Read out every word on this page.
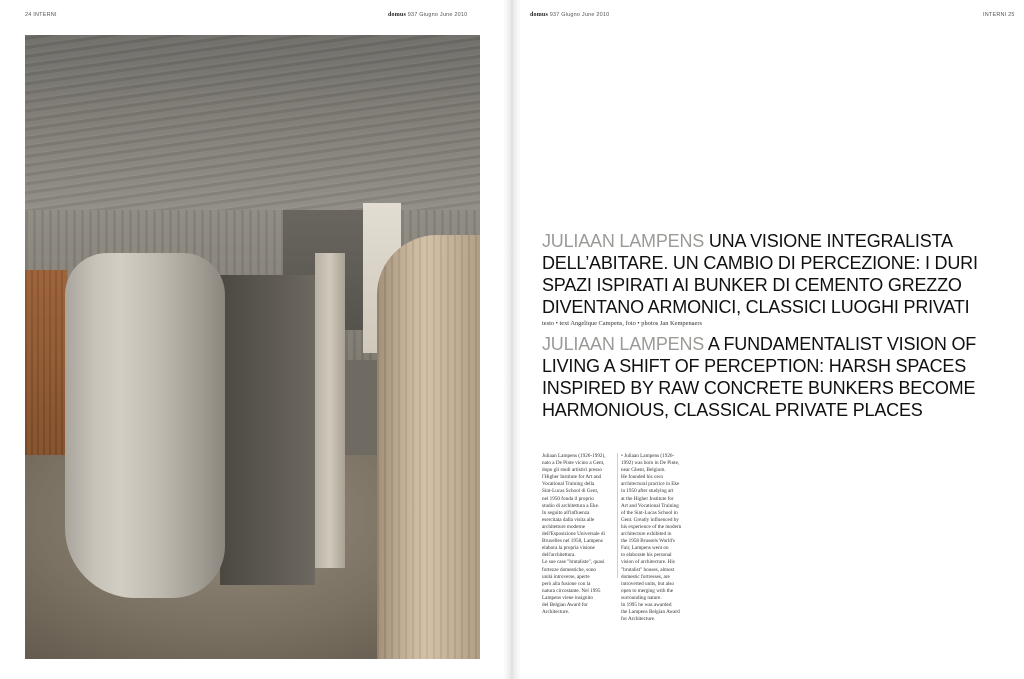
24 INTERNI	domus 937 Giugno June 2010	domus 937 Giugno June 2010	INTERNI 25
JULIAAN LAMPENS UNA VISIONE INTEGRALISTA DELL’ABITARE. UN CAMBIO DI PERCEZIONE: I DURI SPAZI ISPIRATI AI BUNKER DI CEMENTO GREZZO DIVENTANO ARMONICI, CLASSICI LUOGHI PRIVATI
testo • text Angelique Campens, foto • photos Jan Kempenaers
JULIAAN LAMPENS A FUNDAMENTALIST VISION OF LIVING A SHIFT OF PERCEPTION: HARSH SPACES INSPIRED BY RAW CONCRETE BUNKERS BECOME HARMONIOUS, CLASSICAL PRIVATE PLACES
Juliaan Lampens (1926-1992),
nato a De Pinte vicino a Gent,
dopo gli studi artistici presso
l'Higher Institute for Art and
Vocational Training della
Sint-Lucas School di Gent,
nel 1950 fonda il proprio
studio di architettura a Eke.
In seguito all'influenza
esercitata dalla visita alle
architetture moderne
dell'Esposizione Universale di
Bruxelles nel 1958, Lampens
elabora la propria visione
dell'architettura.
Le sue case "brutaliste", quasi
fortezze domestiche, sono
unità introverse, aperte
però alla fusione con la
natura circostante. Nel 1995
Lampens viene insignito
del Belgian Award for
Architecture.
• Juliaan Lampens (1926-
1992) was born in De Pinte,
near Ghent, Belgium.
He founded his own
architectural practice in Eke
in 1950 after studying art
at the Higher Institute for
Art and Vocational Training
of the Sint-Lucas School in
Gent. Greatly influenced by
his experience of the modern
architecture exhibited in
the 1958 Brussels World's
Fair, Lampens went on
to elaborate his personal
vision of architecture. His
"brutalist" houses, almost
domestic fortresses, are
introverted units, but also
open to merging with the
surrounding nature.
In 1995 he was awarded
the Lampens Belgian Award
for Architecture.
